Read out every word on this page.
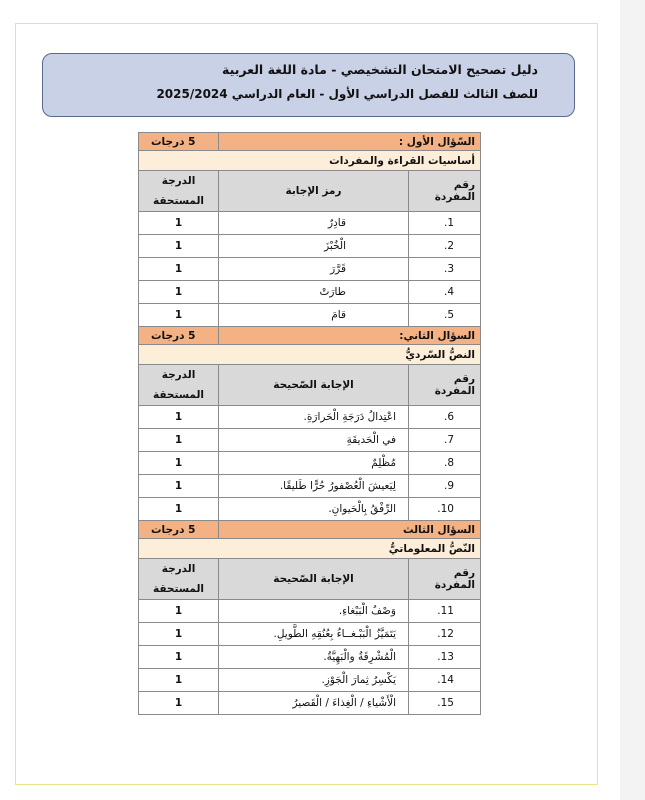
دليل تصحيح الامتحان التشخيصي - مادة اللغة العربية
للصف الثالث للفصل الدراسي الأول - العام الدراسي 2025/2024
السّؤال الأول :		5 درجات
أساسيات القراءة والمفردات		
رقم المفردة	رمز الإجابة	الدرجة المستحقة
1.	قادِرٌ	1
2.	الْخُبْزَ	1
3.	قَرَّرَ	1
4.	طارَتْ	1
5.	قامَ	1
السؤال الثاني:		5 درجات
النصُّ السّرديُّ		
رقم المفردة	الإجابة الصّحيحة	الدرجة المستحقة
6.	اعْتِدالُ دَرَجَةِ الْحَرارَةِ.	1
7.	في الْحَديقَةِ	1
8.	مُظْلِمٌ	1
9.	لِيَعيشَ الْعُصْفورُ حُرًّا طَليقًا.	1
10.	الرِّفْقُ بِالْحَيوانِ.	1
السؤال الثالث		5 درجات
النّصُّ المعلوماتيُّ		
رقم المفردة	الإجابة الصّحيحة	الدرجة المستحقة
11.	وَصْفُ الْبَبْغاءِ.	1
12.	يَتَمَيَّزُ الْبَبْـغــاءُ بِعُنُقِهِ الطَّويلِ.	1
13.	الْمُشْرِقَةُ والْبَهِيَّةُ.	1
14.	يَكْسِرُ ثِمارَ الْجَوْزِ.	1
15.	الْأَشْياءِ / الْغِذاءَ / الْقَصيرُ	1
